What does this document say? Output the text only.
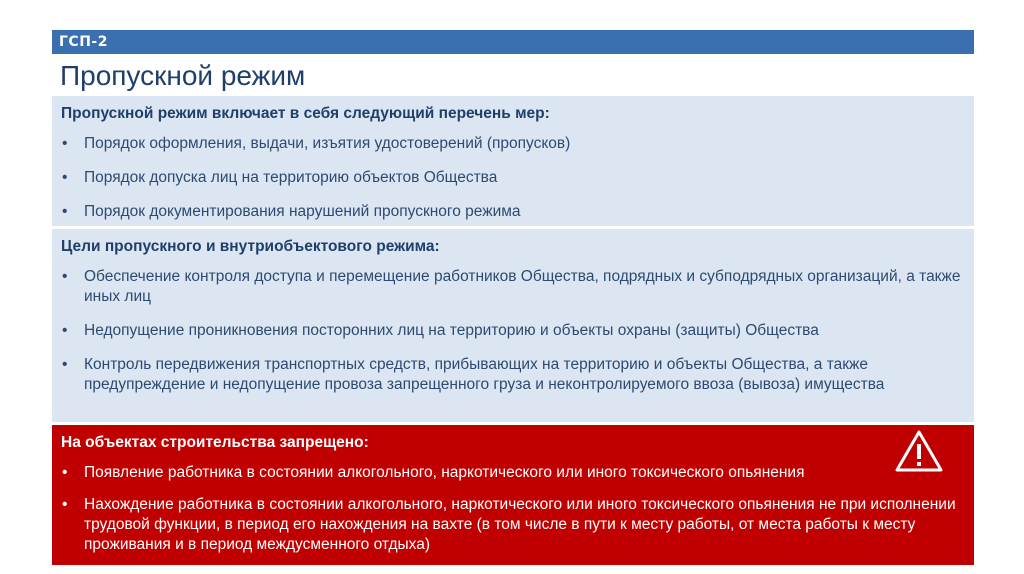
ГСП-2
Пропускной режим
Пропускной режим включает в себя следующий перечень мер:
• Порядок оформления, выдачи, изъятия удостоверений (пропусков)
• Порядок допуска лиц на территорию объектов Общества
• Порядок документирования нарушений пропускного режима
Цели пропускного и внутриобъектового режима:
• Обеспечение контроля доступа и перемещение работников Общества, подрядных и субподрядных организаций, а также иных лиц
• Недопущение проникновения посторонних лиц на территорию и объекты охраны (защиты) Общества
• Контроль передвижения транспортных средств, прибывающих на территорию и объекты Общества, а также предупреждение и недопущение провоза запрещенного груза и неконтролируемого ввоза (вывоза) имущества
На объектах строительства запрещено:
• Появление работника в состоянии алкогольного, наркотического или иного токсического опьянения
• Нахождение работника в состоянии алкогольного, наркотического или иного токсического опьянения не при исполнении трудовой функции, в период его нахождения на вахте (в том числе в пути к месту работы, от места работы к месту проживания и в период междусменного отдыха)
